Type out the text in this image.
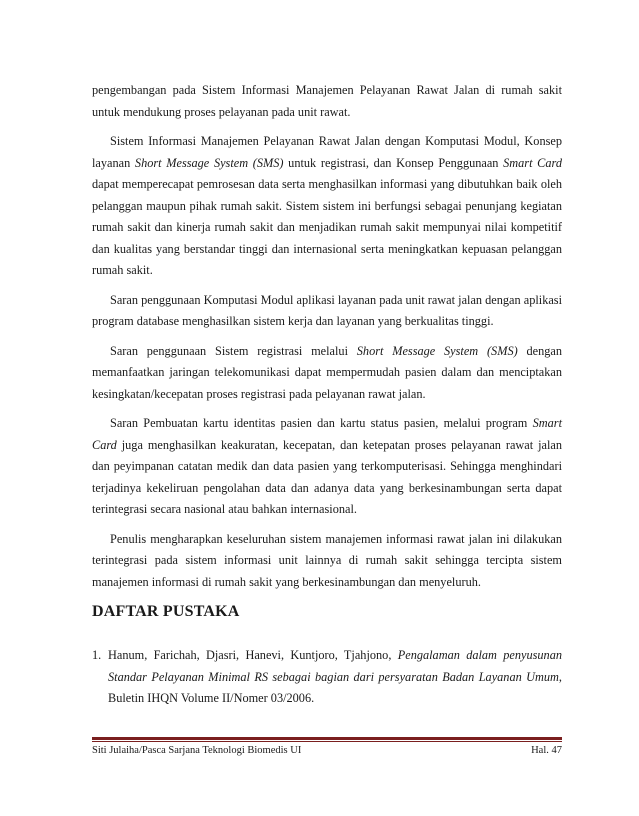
pengembangan pada Sistem Informasi Manajemen Pelayanan Rawat Jalan di rumah sakit untuk mendukung proses pelayanan pada unit rawat.

Sistem Informasi Manajemen Pelayanan Rawat Jalan dengan Komputasi Modul, Konsep layanan Short Message System (SMS) untuk registrasi, dan Konsep Penggunaan Smart Card dapat memperecapat pemrosesan data serta menghasilkan informasi yang dibutuhkan baik oleh pelanggan maupun pihak rumah sakit. Sistem sistem ini berfungsi sebagai penunjang kegiatan rumah sakit dan kinerja rumah sakit dan menjadikan rumah sakit mempunyai nilai kompetitif dan kualitas yang berstandar tinggi dan internasional serta meningkatkan kepuasan pelanggan rumah sakit.

Saran penggunaan Komputasi Modul aplikasi layanan pada unit rawat jalan dengan aplikasi program database menghasilkan sistem kerja dan layanan yang berkualitas tinggi.

Saran penggunaan Sistem registrasi melalui Short Message System (SMS) dengan memanfaatkan jaringan telekomunikasi dapat mempermudah pasien dalam dan menciptakan kesingkatan/kecepatan proses registrasi pada pelayanan rawat jalan.

Saran Pembuatan kartu identitas pasien dan kartu status pasien, melalui program Smart Card juga menghasilkan keakuratan, kecepatan, dan ketepatan proses pelayanan rawat jalan dan peyimpanan catatan medik dan data pasien yang terkomputerisasi. Sehingga menghindari terjadinya kekeliruan pengolahan data dan adanya data yang berkesinambungan serta dapat terintegrasi secara nasional atau bahkan internasional.

Penulis mengharapkan keseluruhan sistem manajemen informasi rawat jalan ini dilakukan terintegrasi pada sistem informasi unit lainnya di rumah sakit sehingga tercipta sistem manajemen informasi di rumah sakit yang berkesinambungan dan menyeluruh.

DAFTAR PUSTAKA
1. Hanum, Farichah, Djasri, Hanevi, Kuntjoro, Tjahjono, Pengalaman dalam penyusunan Standar Pelayanan Minimal RS sebagai bagian dari persyaratan Badan Layanan Umum, Buletin IHQN Volume II/Nomer 03/2006.
Siti Julaiha/Pasca Sarjana Teknologi Biomedis UI	Hal. 47
